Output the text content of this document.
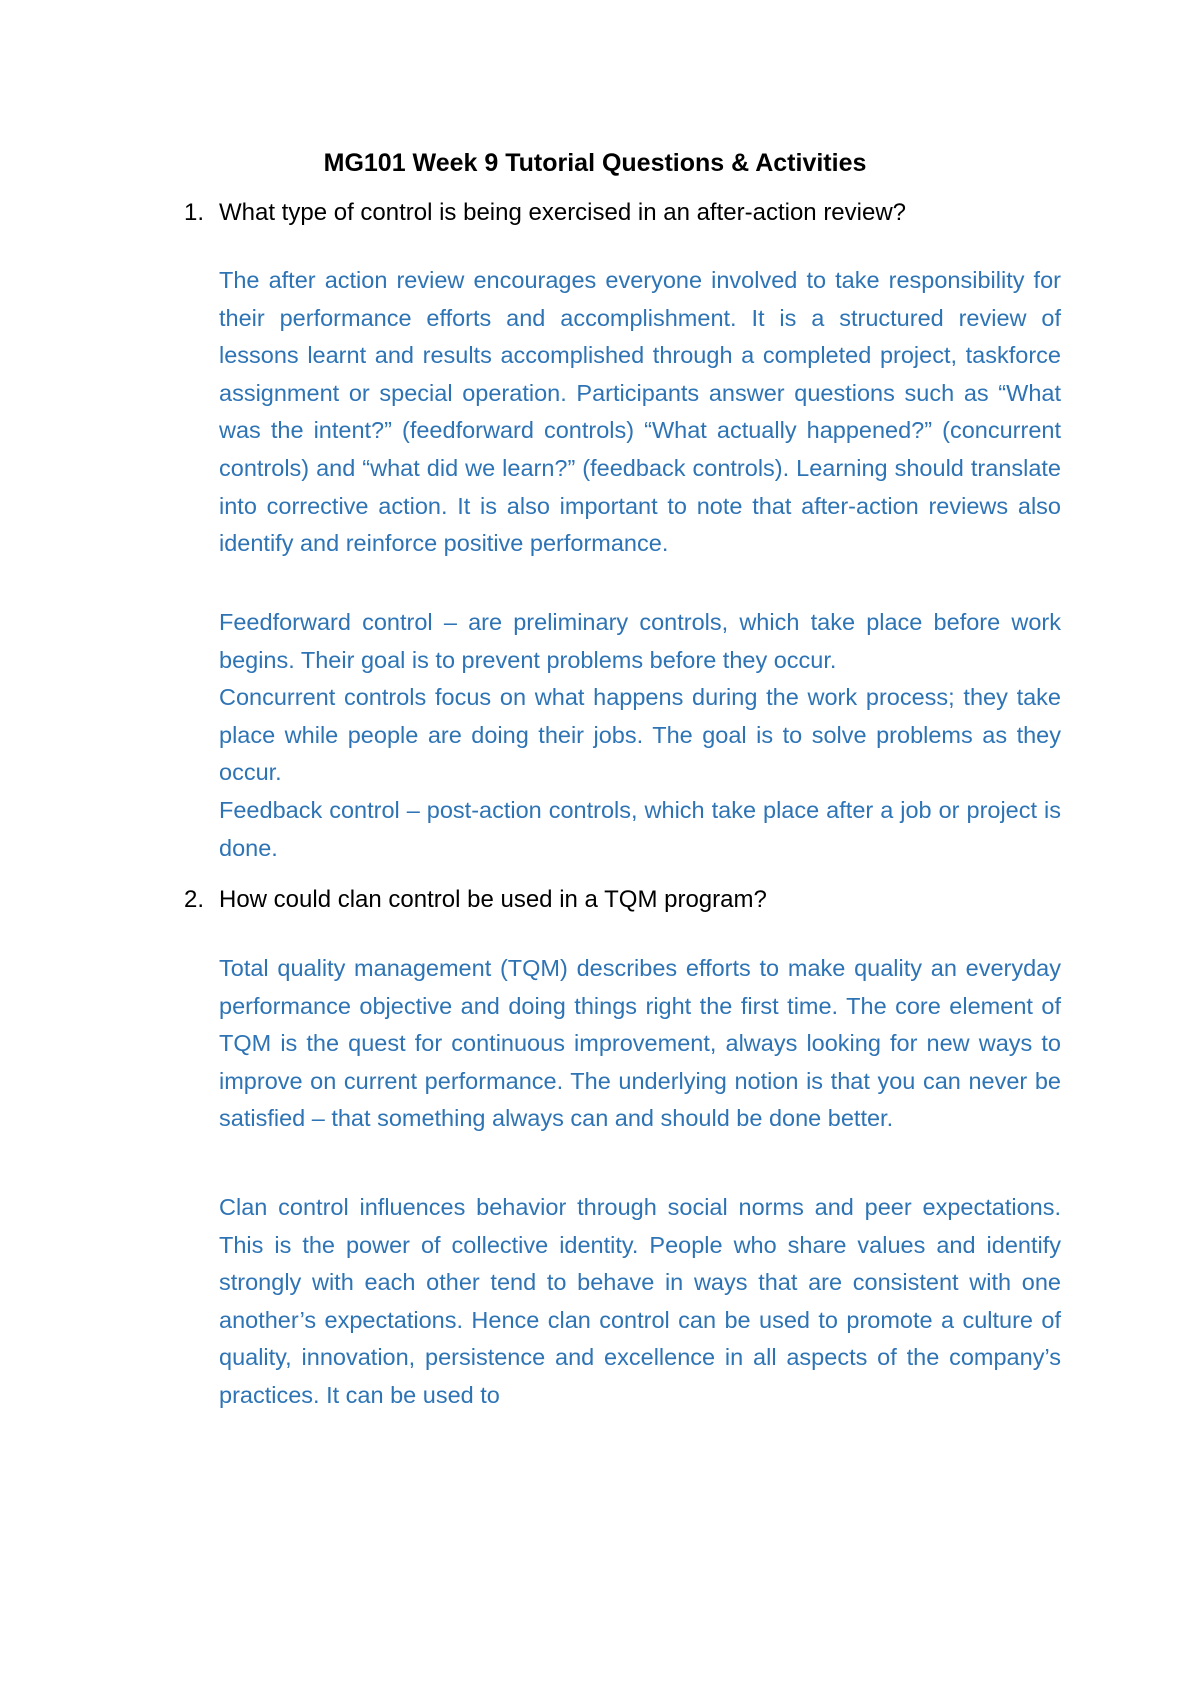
MG101 Week 9 Tutorial Questions & Activities
1. What type of control is being exercised in an after-action review?

The after action review encourages everyone involved to take responsibility for their performance efforts and accomplishment. It is a structured review of lessons learnt and results accomplished through a completed project, taskforce assignment or special operation. Participants answer questions such as “What was the intent?” (feedforward controls) “What actually happened?” (concurrent controls) and “what did we learn?” (feedback controls). Learning should translate into corrective action. It is also important to note that after-action reviews also identify and reinforce positive performance.

Feedforward control – are preliminary controls, which take place before work begins. Their goal is to prevent problems before they occur.

Concurrent controls focus on what happens during the work process; they take place while people are doing their jobs. The goal is to solve problems as they occur.

Feedback control – post-action controls, which take place after a job or project is done.

2. How could clan control be used in a TQM program?

Total quality management (TQM) describes efforts to make quality an everyday performance objective and doing things right the first time. The core element of TQM is the quest for continuous improvement, always looking for new ways to improve on current performance. The underlying notion is that you can never be satisfied – that something always can and should be done better.

Clan control influences behavior through social norms and peer expectations. This is the power of collective identity. People who share values and identify strongly with each other tend to behave in ways that are consistent with one another’s expectations. Hence clan control can be used to promote a culture of quality, innovation, persistence and excellence in all aspects of the company’s practices. It can be used to
